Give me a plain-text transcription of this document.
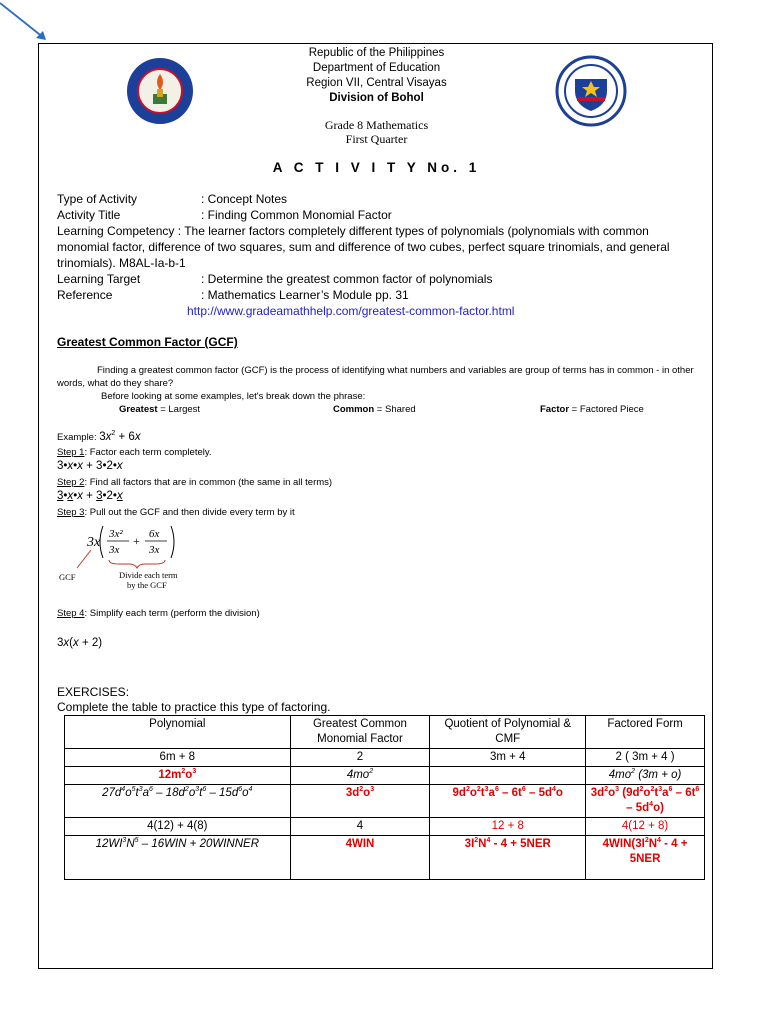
Republic of the Philippines
Department of Education
Region VII, Central Visayas
Division of Bohol
Grade 8 Mathematics
First Quarter
A C T I V I T Y No. 1
Type of Activity	: Concept Notes
Activity Title	: Finding Common Monomial Factor
Learning Competency : The learner factors completely different types of polynomials (polynomials with common monomial factor, difference of two squares, sum and difference of two cubes, perfect square trinomials, and general trinomials). M8AL-Ia-b-1
Learning Target	: Determine the greatest common factor of polynomials
Reference	: Mathematics Learner’s Module pp. 31
http://www.gradeamathhelp.com/greatest-common-factor.html
Greatest Common Factor (GCF)
Finding a greatest common factor (GCF) is the process of identifying what numbers and variables are group of terms has in common - in other words, what do they share?
Before looking at some examples, let's break down the phrase:
Greatest = Largest	Common = Shared	Factor = Factored Piece
Example: $3x^2 + 6x$
Step 1: Factor each term completely.
3•x•x + 3•2•x
Step 2: Find all factors that are in common (the same in all terms)
3•x•x + 3•2•x
Step 3: Pull out the GCF and then divide every term by it
3x
3x²
3x
+ 6x
3x
GCF	Divide each term
by the GCF
Step 4: Simplify each term (perform the division)
3x(x + 2)
EXERCISES:
Complete the table to practice this type of factoring.
Polynomial	Greatest Common Monomial Factor	Quotient of Polynomial & CMF	Factored Form
6m + 8	2	3m + 4	2 ( 3m + 4 )
$12m^2o^3$	$4mo^2$		$4mo^2$ (3m + o)
$27d^4o^5t^3a^6 - 18d^2o^3t^6 - 15d^6o^4$	$3d^2o^3$	$9d^2o^2t^3a^6 - 6t^6 - 5d^4o$	$3d^2o^3$ $(9d^2o^2t^3a^6 - 6t^6 - 5d^4o)$
4(12) + 4(8)	4	12 + 8	4(12 + 8)
$12WI^3N^5 - 16WIN$ + 20WINNER	4WIN	$3I^2N^4 - 4 + 5NER$	$4WIN(3I^2N^4 - 4 + 5NER$
